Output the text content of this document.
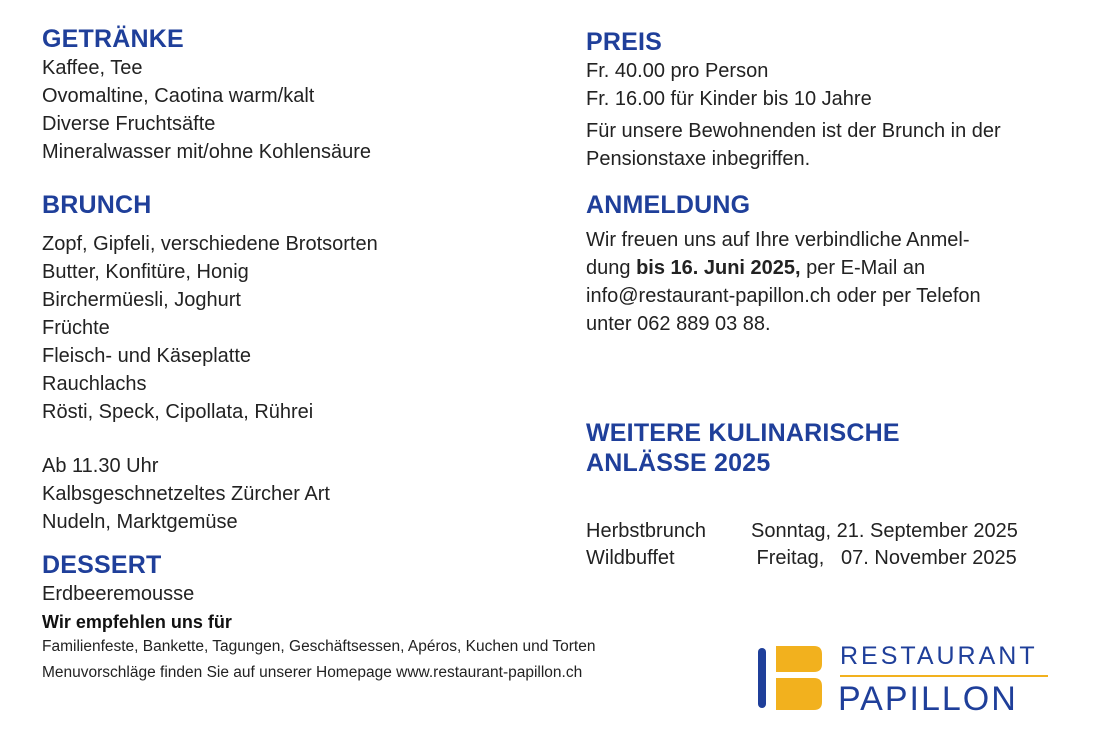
GETRÄNKE
Kaffee, Tee
Ovomaltine, Caotina warm/kalt
Diverse Fruchtsäfte
Mineralwasser mit/ohne Kohlensäure
BRUNCH
Zopf, Gipfeli, verschiedene Brotsorten
Butter, Konfitüre, Honig
Birchermüesli, Joghurt
Früchte
Fleisch- und Käseplatte
Rauchlachs
Rösti, Speck, Cipollata, Rührei
Ab 11.30 Uhr
Kalbsgeschnetzeltes Zürcher Art
Nudeln, Marktgemüse
DESSERT
Erdbeeremousse
Wir empfehlen uns für
Familienfeste, Bankette, Tagungen, Geschäftsessen, Apéros, Kuchen und Torten
Menuvorschläge finden Sie auf unserer Homepage www.restaurant-papillon.ch
PREIS
Fr. 40.00 pro Person
Fr. 16.00 für Kinder bis 10 Jahre
Für unsere Bewohnenden ist der Brunch in der
Pensionstaxe inbegriffen.
ANMELDUNG
Wir freuen uns auf Ihre verbindliche Anmel-
dung bis 16. Juni 2025, per E-Mail an
info@restaurant-papillon.ch oder per Telefon
unter 062 889 03 88.
WEITERE KULINARISCHE
ANLÄSSE 2025
Herbstbrunch	Sonntag, 21. September 2025
Wildbuffet	Freitag,   07. November 2025
RESTAURANT
PAPILLON
